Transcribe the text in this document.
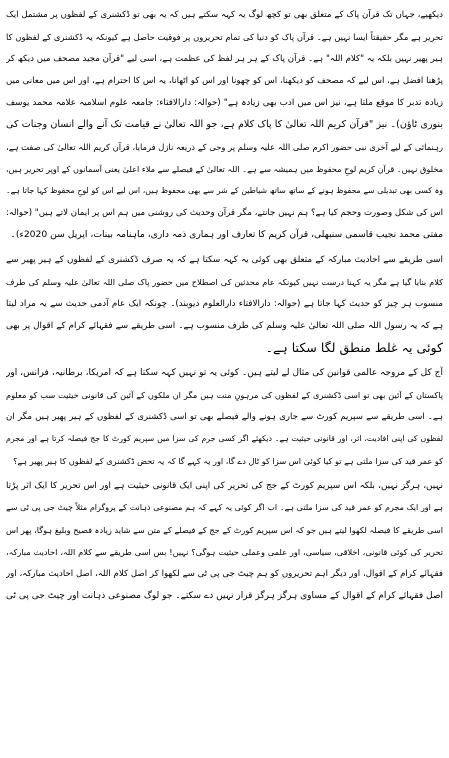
دیکھیے، جہاں تک قرآن پاک کے متعلق بھی تو کچھ لوگ یہ کہہ سکتے ہیں کہ یہ بھی تو ڈکشنری کے لفظوں پر مشتمل ایک
تحریر ہے مگر حقیقتاً ایسا نہیں ہے۔ قرآن پاک کو دنیا کی تمام تحریروں پر فوقیت حاصل ہے کیونکہ یہ ڈکشنری کے لفظوں کا
ہیر پھیر نہیں بلکہ یہ "کلام اللہ" ہے۔ قرآن پاک کے ہر ہر لفظ کی عظمت ہے، اسی لیے "قرآن مجید مصحف میں دیکھ کر
پڑھنا افضل ہے، اس لیے کہ مصحف کو دیکھنا، اس کو چھونا اور اس کو اٹھانا، یہ اس کا احترام ہے، اور اس میں معانی میں
زیادہ تدبر کا موقع ملتا ہے، نیز اس میں ادب بھی زیادہ ہے" (حوالہ: دارالافتاء: جامعہ علوم اسلامیہ علامہ محمد یوسف
بنوری ٹاؤن)۔ نیز "قرآن کریم اللہ تعالیٰ کا پاک کلام ہے، جو اللہ تعالیٰ نے قیامت تک آنے والے انسان وجنات کی
رہنمائی کے لیے آخری نبی حضور اکرم صلی اللہ علیہ وسلم پر وحی کے ذریعہ نازل فرمایا، قرآن کریم اللہ تعالیٰ کی صفت ہے،
مخلوق نہیں۔ قرآن کریم لوحِ محفوظ میں ہمیشہ سے ہے۔ اللہ تعالیٰ کے فیصلے سے ملاء اعلیٰ یعنی آسمانوں کے اوپر تحریر ہیں،
وہ کسی بھی تبدیلی سے محفوظ ہونے کے ساتھ ساتھ شیاطین کے شر سے بھی محفوظ ہیں، اس لیے اس کو لوحِ محفوظ کہا جاتا ہے۔
اس کی شکل وصورت وحجم کیا ہے؟ ہم نہیں جانتے، مگر قرآن وحدیث کی روشنی میں ہم اس پر ایمان لاتے ہیں" (حوالہ:
مفتی محمد نجیب قاسمی سنبھلی، قرآن کریم کا تعارف اور ہماری ذمہ داری، ماہنامہ بینات، اپریل سن 2020ء)۔
اسی طریقے سے احادیث مبارکہ کے متعلق بھی کوئی یہ کہہ سکتا ہے کہ یہ صرف ڈکشنری کے لفظوں کے ہیر پھیر سے
کلام بنایا گیا ہے مگر یہ کہنا درست نہیں کیونکہ عام محدثین کی اصطلاح میں حضور پاک صلی اللہ تعالیٰ علیہ وسلم کی طرف
منسوب ہر چیز کو حدیث کہا جاتا ہے (حوالہ: دارالافتاء دارالعلوم دیوبند)۔ چونکہ ایک عام آدمی حدیث سے یہ مراد لیتا
ہے کہ یہ رسول اللہ صلی اللہ تعالیٰ علیہ وسلم کی طرف منسوب ہے۔ اسی طریقے سے فقہائے کرام کے اقوال پر بھی
کوئی یہ غلط منطق لگا سکتا ہے۔
آج کل کے مروجہ عالمی قوانین کی مثال لے لیتے ہیں۔ کوئی یہ تو نہیں کہہ سکتا ہے کہ امریکا، برطانیہ، فرانس، اور
پاکستان کے آئین بھی تو اسی ڈکشنری کے لفظوں کی مرہونِ منت ہیں مگر ان ملکوں کے آئین کی قانونی حیثیت سب کو معلوم
ہے۔ اسی طریقے سے سپریم کورٹ سے جاری ہونے والے فیصلے بھی تو اسی ڈکشنری کے لفظوں کے ہیر پھیر ہیں مگر ان
لفظوں کی اپنی افادیت، اثر، اور قانونی حیثیت ہے۔ دیکھئے اگر کسی جرم کی سزا میں سپریم کورٹ کا جج فیصلہ کرتا ہے اور مجرم
کو عمر قید کی سزا ملتی ہے تو کیا کوئی اس سزا کو ٹال دے گا، اور یہ کہے گا کہ یہ تحض ڈکشنری کے لفظوں کا ہیر پھیر ہے؟
نہیں، ہرگز نہیں، بلکہ اس سپریم کورٹ کے جج کی تحریر کی اپنی ایک قانونی حیثیت ہے اور اس تحریر کا ایک اثر پڑتا
ہے اور ایک مجرم کو عمر قید کی سزا ملتی ہے۔ اب اگر کوئی یہ کہے کہ ہم مصنوعی ذہانت کے پروگرام مثلاً چیٹ جی پی ٹی سے
اسی طریقے کا فیصلہ لکھوا لیتے ہیں جو کہ اس سپریم کورٹ کے جج کے فیصلے کے متن سے شاید زیادہ فصیح وبلیغ ہوگا، پھر اس
تحریر کی کوئی قانونی، اخلاقی، سیاسی، اور علمی وعملی حیثیت ہوگی؟ نہیں! بس اسی طریقے سے کلام اللہ، احادیث مبارکہ،
فقہائے کرام کے اقوال، اور دیگر اہم تحریروں کو ہم چیٹ جی پی ٹی سے لکھوا کر اصل کلام اللہ، اصل احادیث مبارکہ، اور
اصل فقہائے کرام کے اقوال کے مساوی ہرگز ہرگز قرار نہیں دے سکتے۔ جو لوگ مصنوعی ذہانت اور چیٹ جی پی ٹی
